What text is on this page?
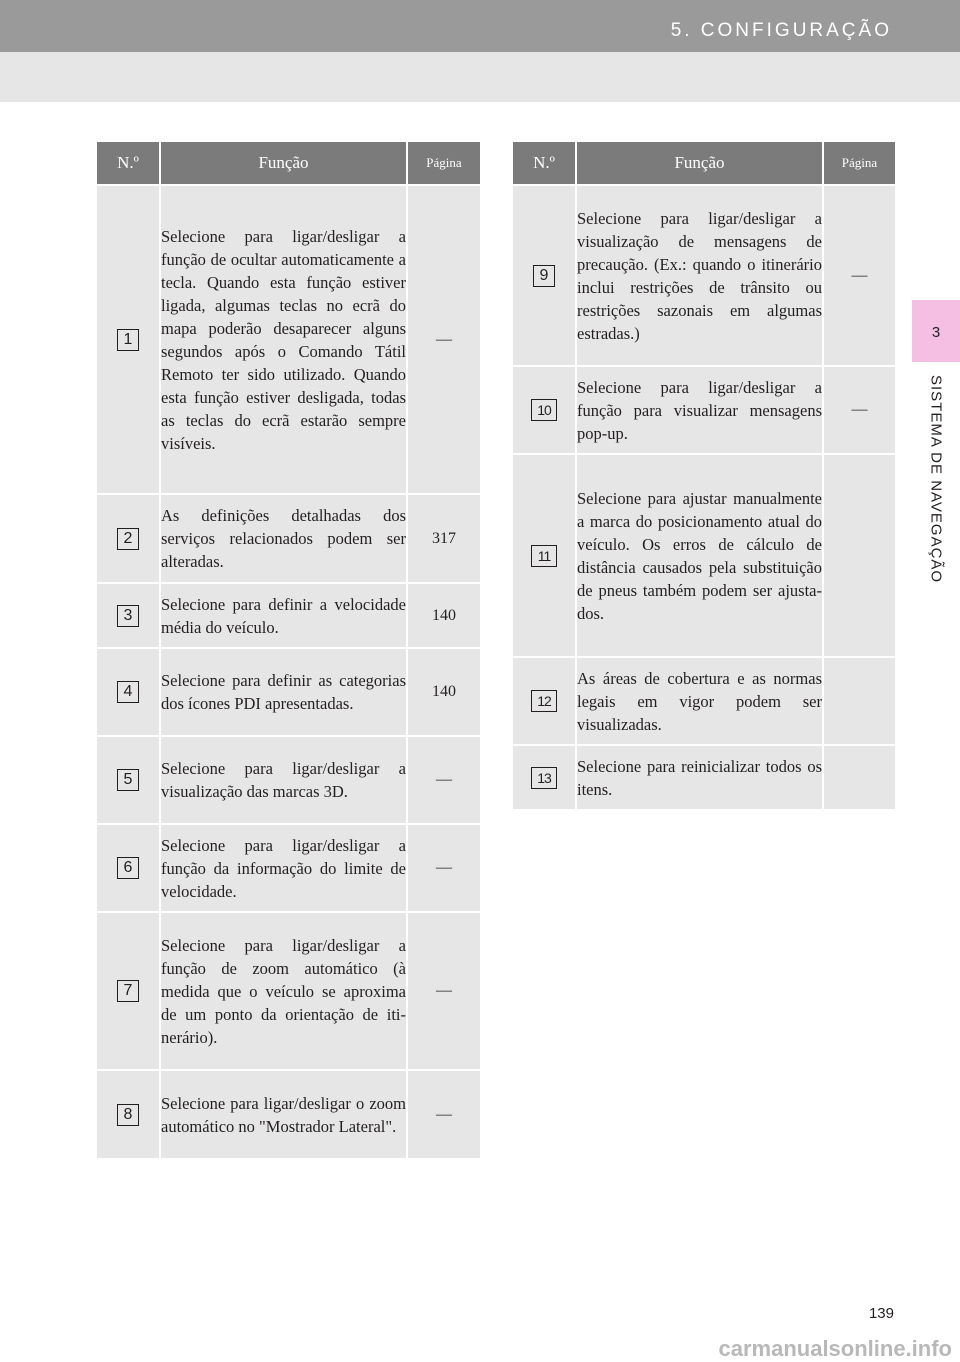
5. CONFIGURAÇÃO
3
SISTEMA DE NAVEGAÇÃO
N.º	Função	Página
1	Selecione para ligar/desligar a função de ocultar automaticamente a tecla. Quando esta função estiver ligada, algumas teclas no ecrã do mapa poderão desaparecer alguns segundos após o Comando Tátil Remoto ter sido utilizado. Quando esta função estiver desligada, todas as teclas do ecrã estarão sempre visíveis.	—
2	As definições detalhadas dos serviços relacionados podem ser alteradas.	317
3	Selecione para definir a velocidade média do veículo.	140
4	Selecione para definir as categorias dos ícones PDI apresentadas.	140
5	Selecione para ligar/desligar a visualização das marcas 3D.	—
6	Selecione para ligar/desligar a função da informação do limite de velocidade.	—
7	Selecione para ligar/desligar a função de zoom automático (à medida que o veículo se aproxima de um ponto da orientação de itinerário).	—
8	Selecione para ligar/desligar o zoom automático no "Mostrador Lateral".	—
N.º	Função	Página
9	Selecione para ligar/desligar a visualização de mensagens de precaução. (Ex.: quando o itinerário inclui restrições de trânsito ou restrições sazonais em algumas estradas.)	—
10	Selecione para ligar/desligar a função para visualizar mensagens pop-up.	—
11	Selecione para ajustar manualmente a marca do posicionamento atual do veículo. Os erros de cálculo de distância causados pela substituição de pneus também podem ser ajustados.	
12	As áreas de cobertura e as normas legais em vigor podem ser visualizadas.	
13	Selecione para reinicializar todos os itens.	
139
carmanualsonline.info
